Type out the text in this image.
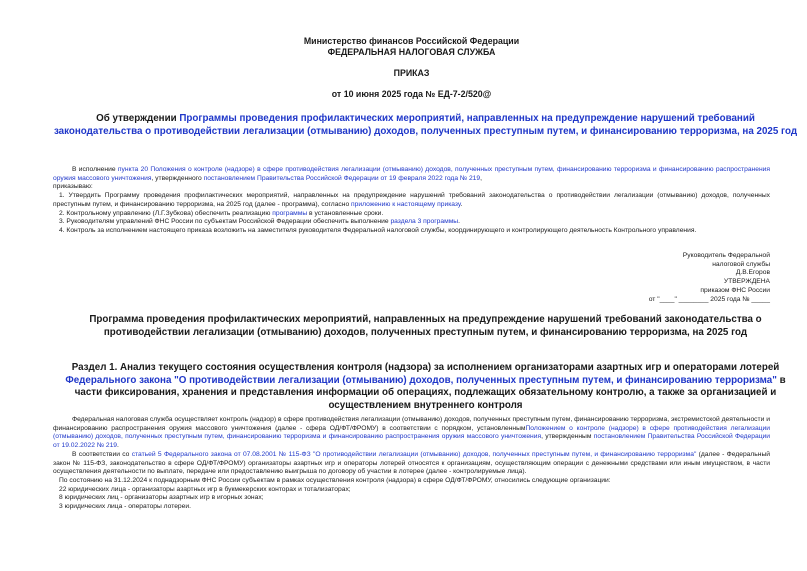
Министерство финансов Российской Федерации
ФЕДЕРАЛЬНАЯ НАЛОГОВАЯ СЛУЖБА
ПРИКАЗ
от 10 июня 2025 года № ЕД-7-2/520@
Об утверждении Программы проведения профилактических мероприятий, направленных на предупреждение нарушений требований законодательства о противодействии легализации (отмыванию) доходов, полученных преступным путем, и финансированию терроризма, на 2025 год
В исполнение пункта 20 Положения о контроле (надзоре) в сфере противодействия легализации (отмыванию) доходов, полученных преступным путем, финансированию терроризма и финансированию распространения оружия массового уничтожения, утвержденного постановлением Правительства Российской Федерации от 19 февраля 2022 года № 219,
приказываю:
1. Утвердить Программу проведения профилактических мероприятий, направленных на предупреждение нарушений требований законодательства о противодействии легализации (отмыванию) доходов, полученных преступным путем, и финансированию терроризма, на 2025 год (далее - программа), согласно приложению к настоящему приказу.
2. Контрольному управлению (Л.Г.Зубкова) обеспечить реализацию программы в установленные сроки.
3. Руководителям управлений ФНС России по субъектам Российской Федерации обеспечить выполнение раздела 3 программы.
4. Контроль за исполнением настоящего приказа возложить на заместителя руководителя Федеральной налоговой службы, координирующего и контролирующего деятельность Контрольного управления.
Руководитель Федеральной
налоговой службы
Д.В.Егоров
УТВЕРЖДЕНА
приказом ФНС России
от "____" ________ 2025 года № _____
Программа проведения профилактических мероприятий, направленных на предупреждение нарушений требований законодательства о противодействии легализации (отмыванию) доходов, полученных преступным путем, и финансированию терроризма, на 2025 год
Раздел 1. Анализ текущего состояния осуществления контроля (надзора) за исполнением организаторами азартных игр и операторами лотерей Федерального закона "О противодействии легализации (отмыванию) доходов, полученных преступным путем, и финансированию терроризма" в части фиксирования, хранения и представления информации об операциях, подлежащих обязательному контролю, а также за организацией и осуществлением внутреннего контроля
Федеральная налоговая служба осуществляет контроль (надзор) в сфере противодействия легализации (отмыванию) доходов, полученных преступным путем, финансированию терроризма, экстремистской деятельности и финансированию распространения оружия массового уничтожения (далее - сфера ОД/ФТ/ФРОМУ) в соответствии с порядком, установленнымПоложением о контроле (надзоре) в сфере противодействия легализации (отмыванию) доходов, полученных преступным путем, финансированию терроризма и финансированию распространения оружия массового уничтожения, утвержденным постановлением Правительства Российской Федерации от 19.02.2022 № 219.
В соответствии со статьей 5 Федерального закона от 07.08.2001 № 115-ФЗ "О противодействии легализации (отмыванию) доходов, полученных преступным путем, и финансированию терроризма" (далее - Федеральный закон № 115-ФЗ, законодательство в сфере ОД/ФТ/ФРОМУ) организаторы азартных игр и операторы лотерей относятся к организациям, осуществляющим операции с денежными средствами или иным имуществом, в части осуществления деятельности по выплате, передаче или предоставлению выигрыша по договору об участии в лотерее (далее - контролируемые лица).
По состоянию на 31.12.2024 к поднадзорным ФНС России субъектам в рамках осуществления контроля (надзора) в сфере ОД/ФТ/ФРОМУ, относились следующие организации:
22 юридических лица - организаторы азартных игр в букмекерских конторах и тотализаторах;
8 юридических лиц - организаторы азартных игр в игорных зонах;
3 юридических лица - операторы лотереи.
